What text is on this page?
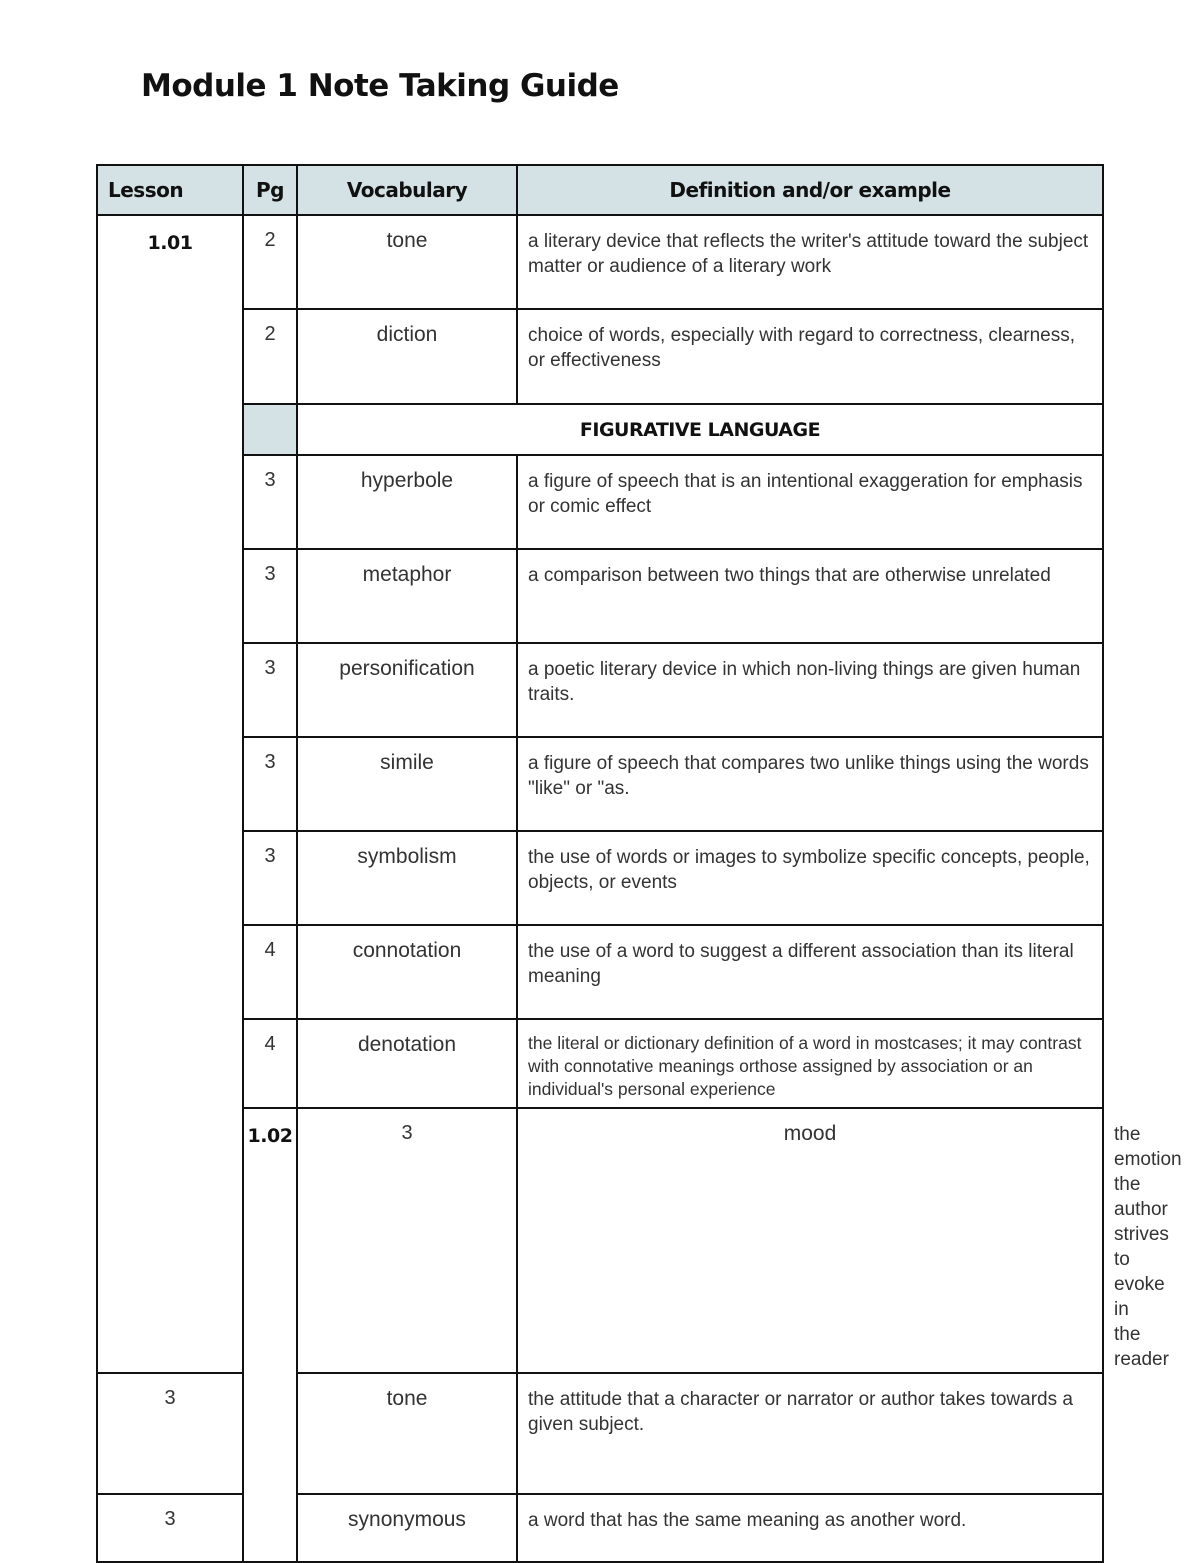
Module 1 Note Taking Guide
Lesson	Pg	Vocabulary	Definition and/or example	
1.01	2	tone	a literary device that reflects the writer's attitude toward the subject matter or audience of a literary work	
	2	diction	choice of words, especially with regard to correctness, clearness, or effectiveness	
		FIGURATIVE LANGUAGE		
	3	hyperbole	a figure of speech that is an intentional exaggeration for emphasis or comic effect	
	3	metaphor	a comparison between two things that are otherwise unrelated	
	3	personification	a poetic literary device in which non-living things are given human traits.	
	3	simile	a figure of speech that compares two unlike things using the words "like" or "as.	
	3	symbolism	the use of words or images to symbolize specific concepts, people, objects, or events	
	4	connotation	the use of a word to suggest a different association than its literal meaning	
	4	denotation	the literal or dictionary definition of a word in mostcases; it may contrast with connotative meanings orthose assigned by association or an individual's personal experience	
	1.02	3	mood	the emotion the author strives to evoke in the reader
3		tone	the attitude that a character or narrator or author takes towards a given subject.	
3		synonymous	a word that has the same meaning as another word.	
